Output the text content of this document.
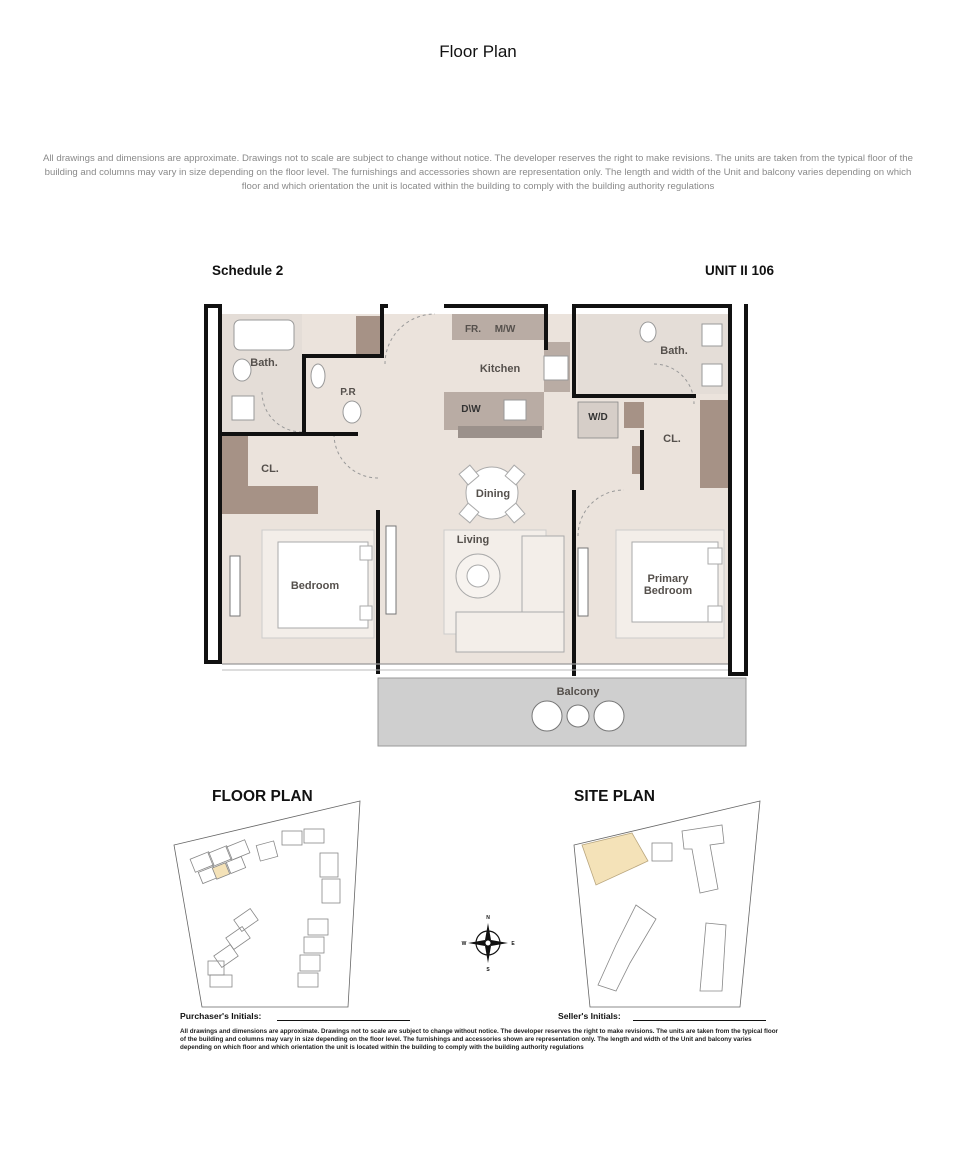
Floor Plan
All drawings and dimensions are approximate. Drawings not to scale are subject to change without notice. The developer reserves the right to make revisions. The units are taken from the typical floor of the building and columns may vary in size depending on the floor level. The furnishings and accessories shown are representation only. The length and width of the Unit and balcony varies depending on which floor and which orientation the unit is located within the building to comply with the building authority regulations
Schedule 2	UNIT II 106
Bath.
P.R
FR. M/W
Kitchen
D\W
W/D
Bath.
CL.
CL.
Dining
Living
Bedroom
Primary
Bedroom
Balcony
FLOOR PLAN	SITE PLAN
N
S
W	E
Purchaser's Initials:	Seller's Initials:
All drawings and dimensions are approximate. Drawings not to scale are subject to change without notice. The developer reserves the right to make revisions. The units are taken from the typical floor of the building and columns may vary in size depending on the floor level. The furnishings and accessories shown are representation only. The length and width of the Unit and balcony varies depending on which floor and which orientation the unit is located within the building to comply with the building authority regulations
